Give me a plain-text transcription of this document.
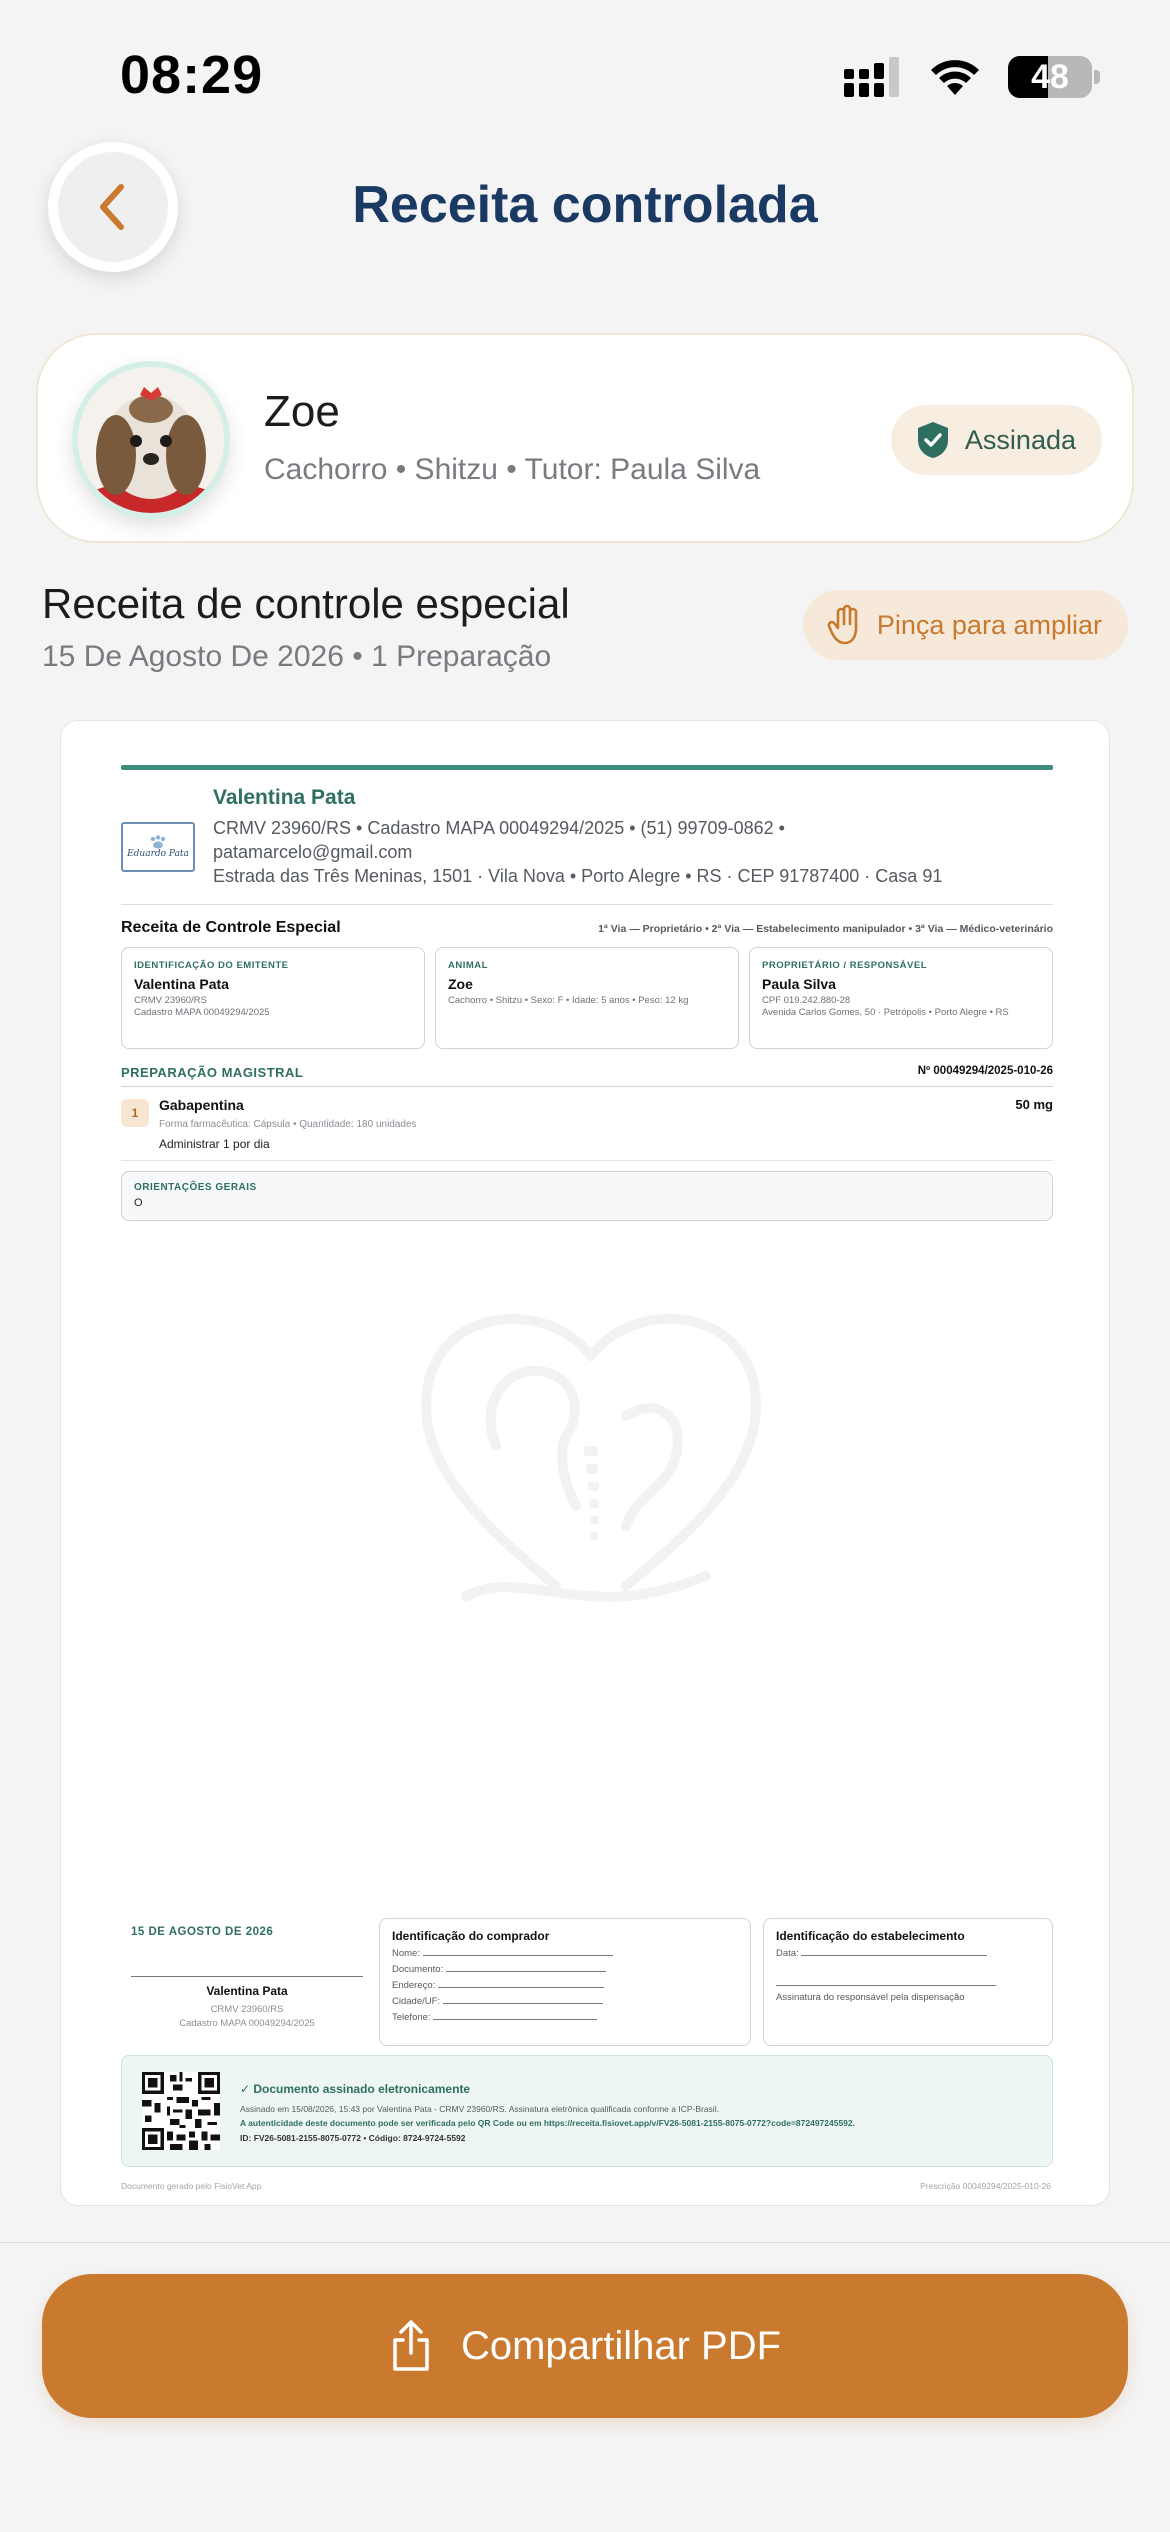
08:29	48
Receita controlada
Zoe
Cachorro • Shitzu • Tutor: Paula Silva
Assinada
Receita de controle especial
15 De Agosto De 2026 • 1 Preparação
Pinça para ampliar
Eduardo Pata
Valentina Pata
CRMV 23960/RS • Cadastro MAPA 00049294/2025 • (51) 99709-0862 •
patamarcelo@gmail.com
Estrada das Três Meninas, 1501 · Vila Nova • Porto Alegre • RS · CEP 91787400 · Casa 91
Receita de Controle Especial	1ª Via — Proprietário • 2ª Via — Estabelecimento manipulador • 3ª Via — Médico-veterinário
IDENTIFICAÇÃO DO EMITENTE
Valentina Pata
CRMV 23960/RS
Cadastro MAPA 00049294/2025
ANIMAL
Zoe
Cachorro • Shitzu • Sexo: F • Idade: 5 anos • Peso: 12 kg
PROPRIETÁRIO / RESPONSÁVEL
Paula Silva
CPF 019.242.880-28
Avenida Carlos Gomes, 50 · Petrópolis • Porto Alegre • RS
PREPARAÇÃO MAGISTRAL	Nº 00049294/2025-010-26
1	Gabapentina	50 mg
Forma farmacêutica: Cápsula • Quantidade: 180 unidades
Administrar 1 por dia
ORIENTAÇÕES GERAIS
O
15 DE AGOSTO DE 2026
Valentina Pata
CRMV 23960/RS
Cadastro MAPA 00049294/2025
Identificação do comprador
Nome:
Documento:
Endereço:
Cidade/UF:
Telefone:
Identificação do estabelecimento
Data:
Assinatura do responsável pela dispensação
✓ Documento assinado eletronicamente
Assinado em 15/08/2026, 15:43 por Valentina Pata - CRMV 23960/RS. Assinatura eletrônica qualificada conforme a ICP-Brasil.
A autenticidade deste documento pode ser verificada pelo QR Code ou em https://receita.fisiovet.app/v/FV26-5081-2155-8075-0772?code=872497245592.
ID: FV26-5081-2155-8075-0772 • Código: 8724-9724-5592
Documento gerado pelo FisioVet App	Prescrição 00049294/2025-010-26
Compartilhar PDF
